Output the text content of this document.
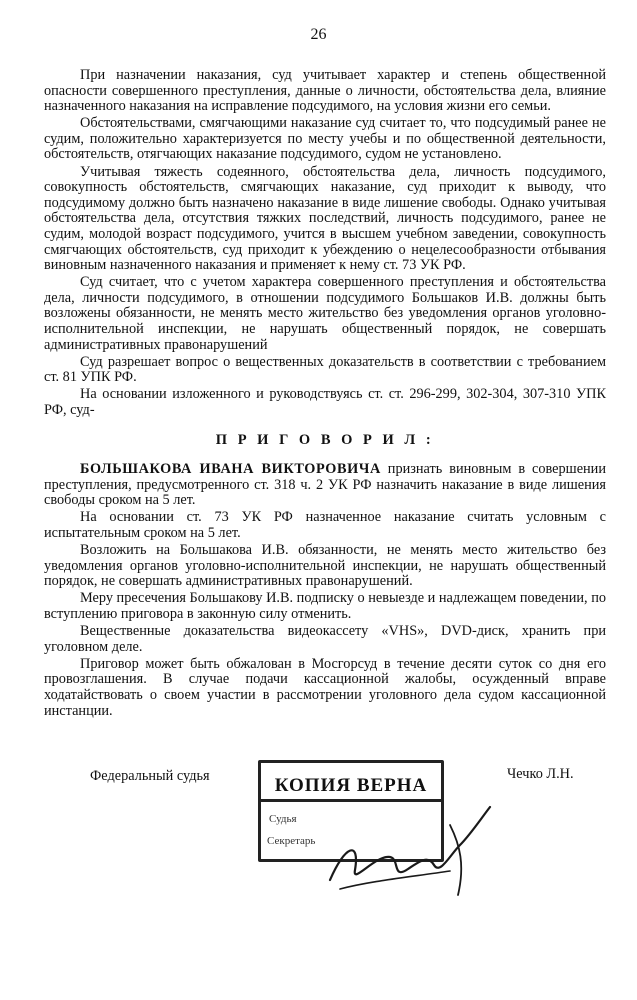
26

При назначении наказания, суд учитывает характер и степень общественной опасности совершенного преступления, данные о личности, обстоятельства дела, влияние назначенного наказания на исправление подсудимого, на условия жизни его семьи.

Обстоятельствами, смягчающими наказание суд считает то, что подсудимый ранее не судим, положительно характеризуется по месту учебы и по общественной деятельности, обстоятельств, отягчающих наказание подсудимого, судом не установлено.

Учитывая тяжесть содеянного, обстоятельства дела, личность подсудимого, совокупность обстоятельств, смягчающих наказание, суд приходит к выводу, что подсудимому должно быть назначено наказание в виде лишение свободы. Однако учитывая обстоятельства дела, отсутствия тяжких последствий, личность подсудимого, ранее не судим, молодой возраст подсудимого, учится в высшем учебном заведении, совокупность смягчающих обстоятельств, суд приходит к убеждению о нецелесообразности отбывания виновным назначенного наказания и применяет к нему ст. 73 УК РФ.

Суд считает, что с учетом характера совершенного преступления и обстоятельства дела, личности подсудимого, в отношении подсудимого Большаков И.В. должны быть возложены обязанности, не менять место жительство без уведомления органов уголовно-исполнительной инспекции, не нарушать общественный порядок, не совершать административных правонарушений

Суд разрешает вопрос о вещественных доказательств в соответствии с требованием ст. 81 УПК РФ.

На основании изложенного и руководствуясь ст. ст. 296-299, 302-304, 307-310 УПК РФ, суд-

П Р И Г О В О Р И Л :

БОЛЬШАКОВА ИВАНА ВИКТОРОВИЧА признать виновным в совершении преступления, предусмотренного ст. 318 ч. 2 УК РФ назначить наказание в виде лишения свободы сроком на 5 лет.

На основании ст. 73 УК РФ назначенное наказание считать условным с испытательным сроком на 5 лет.

Возложить на Большакова И.В. обязанности, не менять место жительство без уведомления органов уголовно-исполнительной инспекции, не нарушать общественный порядок, не совершать административных правонарушений.

Меру пресечения Большакову И.В. подписку о невыезде и надлежащем поведении, по вступлению приговора в законную силу отменить.

Вещественные доказательства видеокассету «VHS», DVD-диск, хранить при уголовном деле.

Приговор может быть обжалован в Мосгорсуд в течение десяти суток со дня его провозглашения. В случае подачи кассационной жалобы, осужденный вправе ходатайствовать о своем участии в рассмотрении уголовного дела судом кассационной инстанции.

Федеральный судья	КОПИЯ ВЕРНА
Судья
Секретарь
Чечко Л.Н.
